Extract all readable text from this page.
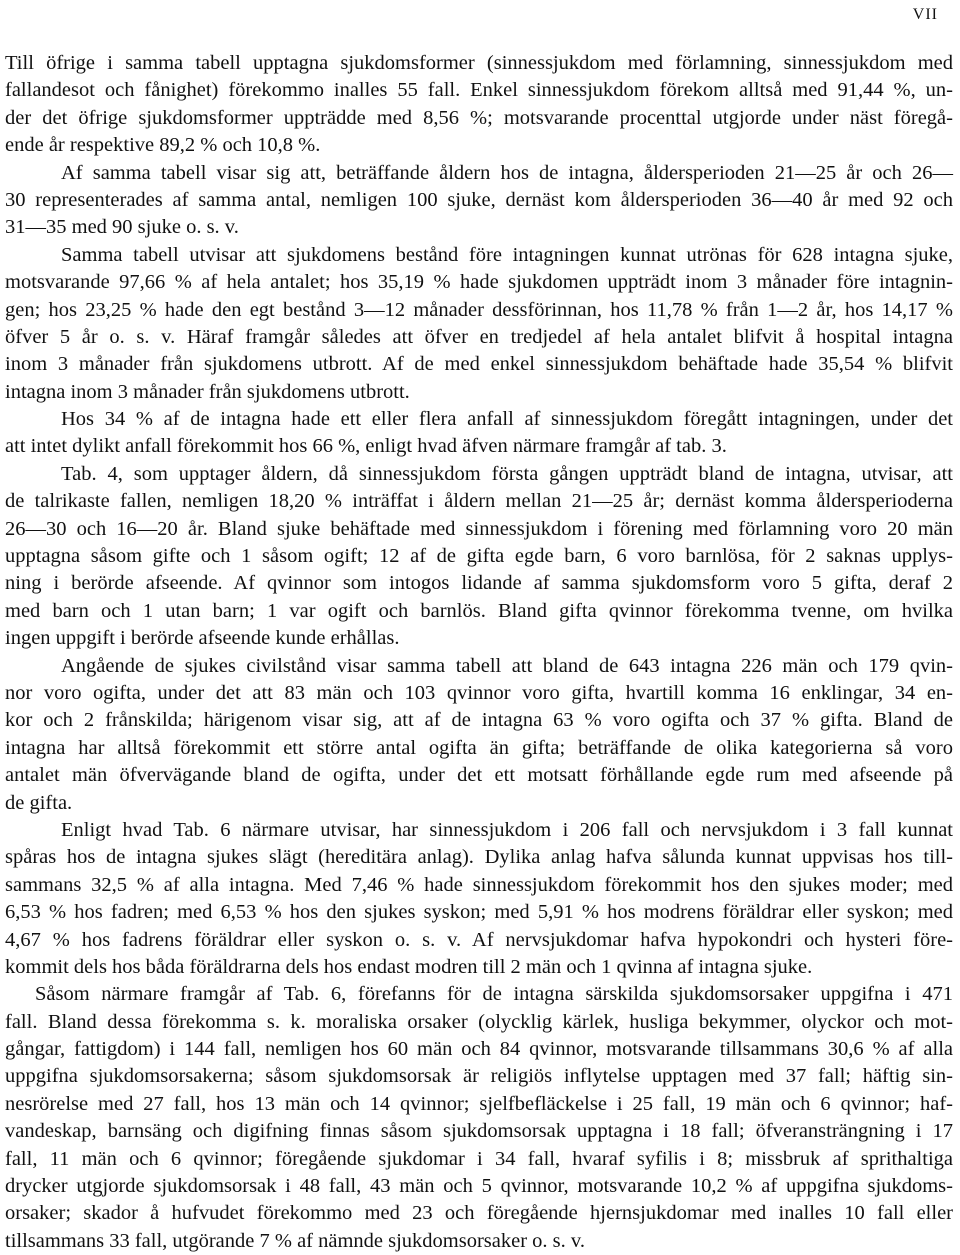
VII
Till öfrige i samma tabell upptagna sjukdomsformer (sinnessjukdom med förlamning, sinnessjukdom med
fallandesot och fånighet) förekommo inalles 55 fall. Enkel sinnessjukdom förekom alltså med 91,44 %, un-
der det öfrige sjukdomsformer uppträdde med 8,56 %; motsvarande procenttal utgjorde under näst föregå-
ende år respektive 89,2 % och 10,8 %.
Af samma tabell visar sig att, beträffande åldern hos de intagna, åldersperioden 21—25 år och 26—
30 representerades af samma antal, nemligen 100 sjuke, dernäst kom åldersperioden 36—40 år med 92 och
31—35 med 90 sjuke o. s. v.
Samma tabell utvisar att sjukdomens bestånd före intagningen kunnat utrönas för 628 intagna sjuke,
motsvarande 97,66 % af hela antalet; hos 35,19 % hade sjukdomen uppträdt inom 3 månader före intagnin-
gen; hos 23,25 % hade den egt bestånd 3—12 månader dessförinnan, hos 11,78 % från 1—2 år, hos 14,17 %
öfver 5 år o. s. v. Häraf framgår således att öfver en tredjedel af hela antalet blifvit å hospital intagna
inom 3 månader från sjukdomens utbrott. Af de med enkel sinnessjukdom behäftade hade 35,54 % blifvit
intagna inom 3 månader från sjukdomens utbrott.
Hos 34 % af de intagna hade ett eller flera anfall af sinnessjukdom föregått intagningen, under det
att intet dylikt anfall förekommit hos 66 %, enligt hvad äfven närmare framgår af tab. 3.
Tab. 4, som upptager åldern, då sinnessjukdom första gången uppträdt bland de intagna, utvisar, att
de talrikaste fallen, nemligen 18,20 % inträffat i åldern mellan 21—25 år; dernäst komma åldersperioderna
26—30 och 16—20 år. Bland sjuke behäftade med sinnessjukdom i förening med förlamning voro 20 män
upptagna såsom gifte och 1 såsom ogift; 12 af de gifta egde barn, 6 voro barnlösa, för 2 saknas upplys-
ning i berörde afseende. Af qvinnor som intogos lidande af samma sjukdomsform voro 5 gifta, deraf 2
med barn och 1 utan barn; 1 var ogift och barnlös. Bland gifta qvinnor förekomma tvenne, om hvilka
ingen uppgift i berörde afseende kunde erhållas.
Angående de sjukes civilstånd visar samma tabell att bland de 643 intagna 226 män och 179 qvin-
nor voro ogifta, under det att 83 män och 103 qvinnor voro gifta, hvartill komma 16 enklingar, 34 en-
kor och 2 frånskilda; härigenom visar sig, att af de intagna 63 % voro ogifta och 37 % gifta. Bland de
intagna har alltså förekommit ett större antal ogifta än gifta; beträffande de olika kategorierna så voro
antalet män öfvervägande bland de ogifta, under det ett motsatt förhållande egde rum med afseende på
de gifta.
Enligt hvad Tab. 6 närmare utvisar, har sinnessjukdom i 206 fall och nervsjukdom i 3 fall kunnat
spåras hos de intagna sjukes slägt (hereditära anlag). Dylika anlag hafva sålunda kunnat uppvisas hos till-
sammans 32,5 % af alla intagna. Med 7,46 % hade sinnessjukdom förekommit hos den sjukes moder; med
6,53 % hos fadren; med 6,53 % hos den sjukes syskon; med 5,91 % hos modrens föräldrar eller syskon; med
4,67 % hos fadrens föräldrar eller syskon o. s. v. Af nervsjukdomar hafva hypokondri och hysteri före-
kommit dels hos båda föräldrarna dels hos endast modren till 2 män och 1 qvinna af intagna sjuke.
Såsom närmare framgår af Tab. 6, förefanns för de intagna särskilda sjukdomsorsaker uppgifna i 471
fall. Bland dessa förekomma s. k. moraliska orsaker (olycklig kärlek, husliga bekymmer, olyckor och mot-
gångar, fattigdom) i 144 fall, nemligen hos 60 män och 84 qvinnor, motsvarande tillsammans 30,6 % af alla
uppgifna sjukdomsorsakerna; såsom sjukdomsorsak är religiös inflytelse upptagen med 37 fall; häftig sin-
nesrörelse med 27 fall, hos 13 män och 14 qvinnor; sjelfbefläckelse i 25 fall, 19 män och 6 qvinnor; haf-
vandeskap, barnsäng och digifning finnas såsom sjukdomsorsak upptagna i 18 fall; öfveransträngning i 17
fall, 11 män och 6 qvinnor; föregående sjukdomar i 34 fall, hvaraf syfilis i 8; missbruk af sprithaltiga
drycker utgjorde sjukdomsorsak i 48 fall, 43 män och 5 qvinnor, motsvarande 10,2 % af uppgifna sjukdoms-
orsaker; skador å hufvudet förekommo med 23 och föregående hjernsjukdomar med inalles 10 fall eller
tillsammans 33 fall, utgörande 7 % af nämnde sjukdomsorsaker o. s. v.
